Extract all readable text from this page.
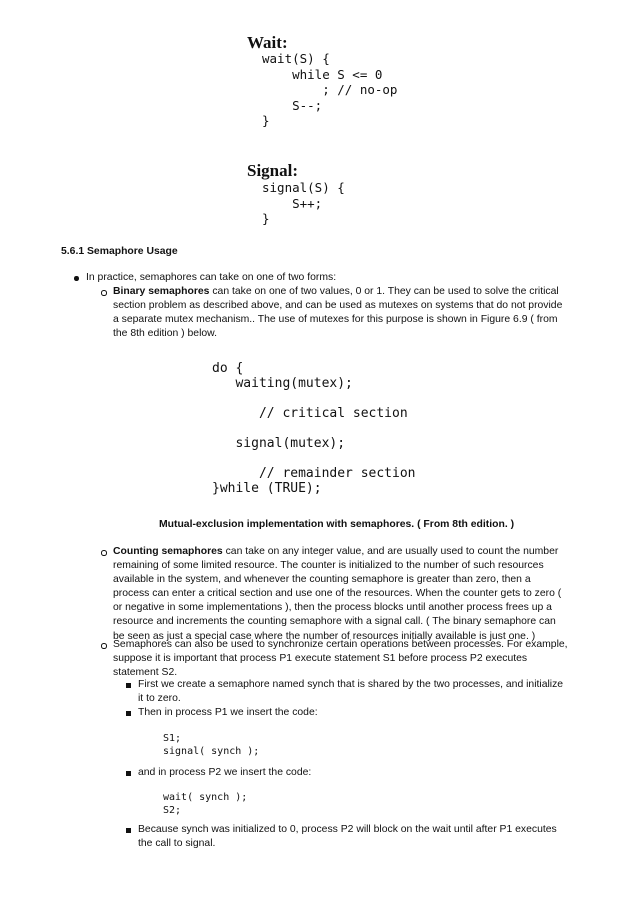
Wait:
wait(S) {
while S <= 0
; // no-op
S--;
}
Signal:
signal(S) {
S++;
}
5.6.1 Semaphore Usage
In practice, semaphores can take on one of two forms:
Binary semaphores can take on one of two values, 0 or 1. They can be used to solve the critical section problem as described above, and can be used as mutexes on systems that do not provide a separate mutex mechanism.. The use of mutexes for this purpose is shown in Figure 6.9 ( from the 8th edition ) below.
do {
waiting(mutex);

// critical section

signal(mutex);

// remainder section
}while (TRUE);
Mutual-exclusion implementation with semaphores. ( From 8th edition. )
Counting semaphores can take on any integer value, and are usually used to count the number remaining of some limited resource. The counter is initialized to the number of such resources available in the system, and whenever the counting semaphore is greater than zero, then a process can enter a critical section and use one of the resources. When the counter gets to zero ( or negative in some implementations ), then the process blocks until another process frees up a resource and increments the counting semaphore with a signal call. ( The binary semaphore can be seen as just a special case where the number of resources initially available is just one. )
Semaphores can also be used to synchronize certain operations between processes. For example, suppose it is important that process P1 execute statement S1 before process P2 executes statement S2.
First we create a semaphore named synch that is shared by the two processes, and initialize it to zero.
Then in process P1 we insert the code:
S1;
signal( synch );
and in process P2 we insert the code:
wait( synch );
S2;
Because synch was initialized to 0, process P2 will block on the wait until after P1 executes the call to signal.
